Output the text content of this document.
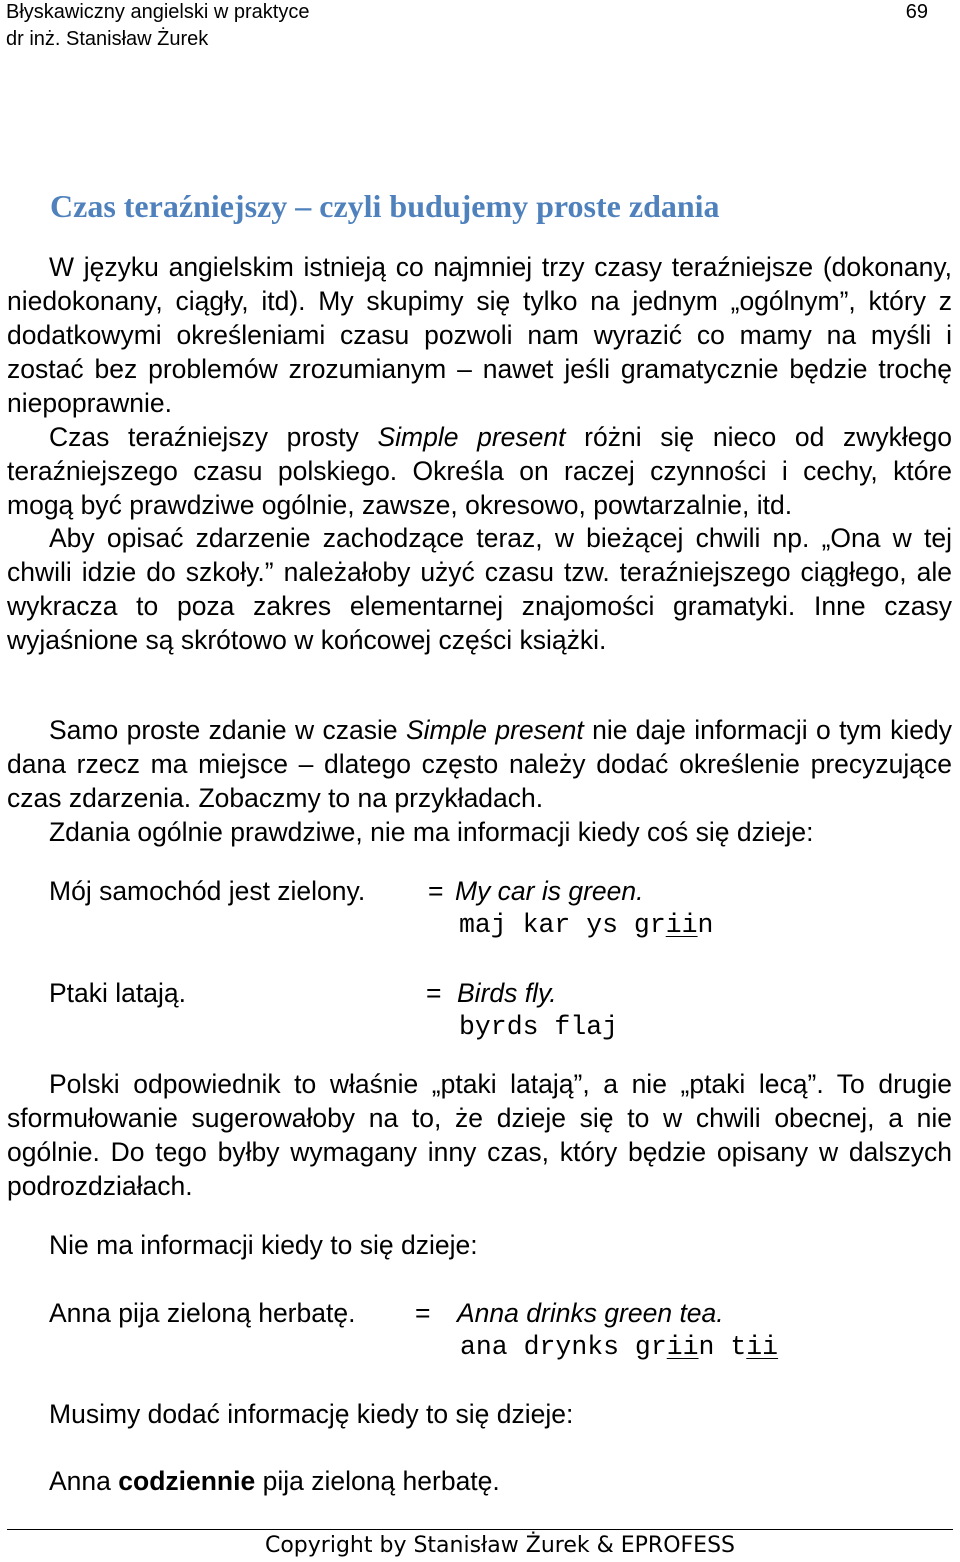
Błyskawiczny angielski w praktyce	69
dr inż. Stanisław Żurek
Czas teraźniejszy – czyli budujemy proste zdania

W języku angielskim istnieją co najmniej trzy czasy teraźniejsze (dokonany, niedokonany, ciągły, itd). My skupimy się tylko na jednym „ogólnym”, który z dodatkowymi określeniami czasu pozwoli nam wyrazić co mamy na myśli i zostać bez problemów zrozumianym – nawet jeśli gramatycznie będzie trochę niepoprawnie.

Czas teraźniejszy prosty Simple present różni się nieco od zwykłego teraźniejszego czasu polskiego. Określa on raczej czynności i cechy, które mogą być prawdziwe ogólnie, zawsze, okresowo, powtarzalnie, itd.

Aby opisać zdarzenie zachodzące teraz, w bieżącej chwili np. „Ona w tej chwili idzie do szkoły.” należałoby użyć czasu tzw. teraźniejszego ciągłego, ale wykracza to poza zakres elementarnej znajomości gramatyki. Inne czasy wyjaśnione są skrótowo w końcowej części książki.

Samo proste zdanie w czasie Simple present nie daje informacji o tym kiedy dana rzecz ma miejsce – dlatego często należy dodać określenie precyzujące czas zdarzenia. Zobaczmy to na przykładach.

Zdania ogólnie prawdziwe, nie ma informacji kiedy coś się dzieje:

Mój samochód jest zielony. = My car is green.
maj kar ys griin
Ptaki latają.	= Birds fly.
byrds flaj

Polski odpowiednik to właśnie „ptaki latają”, a nie „ptaki lecą”. To drugie sformułowanie sugerowałoby na to, że dzieje się to w chwili obecnej, a nie ogólnie. Do tego byłby wymagany inny czas, który będzie opisany w dalszych podrozdziałach.

Nie ma informacji kiedy to się dzieje:

Anna pija zieloną herbatę. = Anna drinks green tea.
ana drynks griin tii

Musimy dodać informację kiedy to się dzieje:

Anna codziennie pija zieloną herbatę.

Copyright by Stanisław Żurek & EPROFESS
